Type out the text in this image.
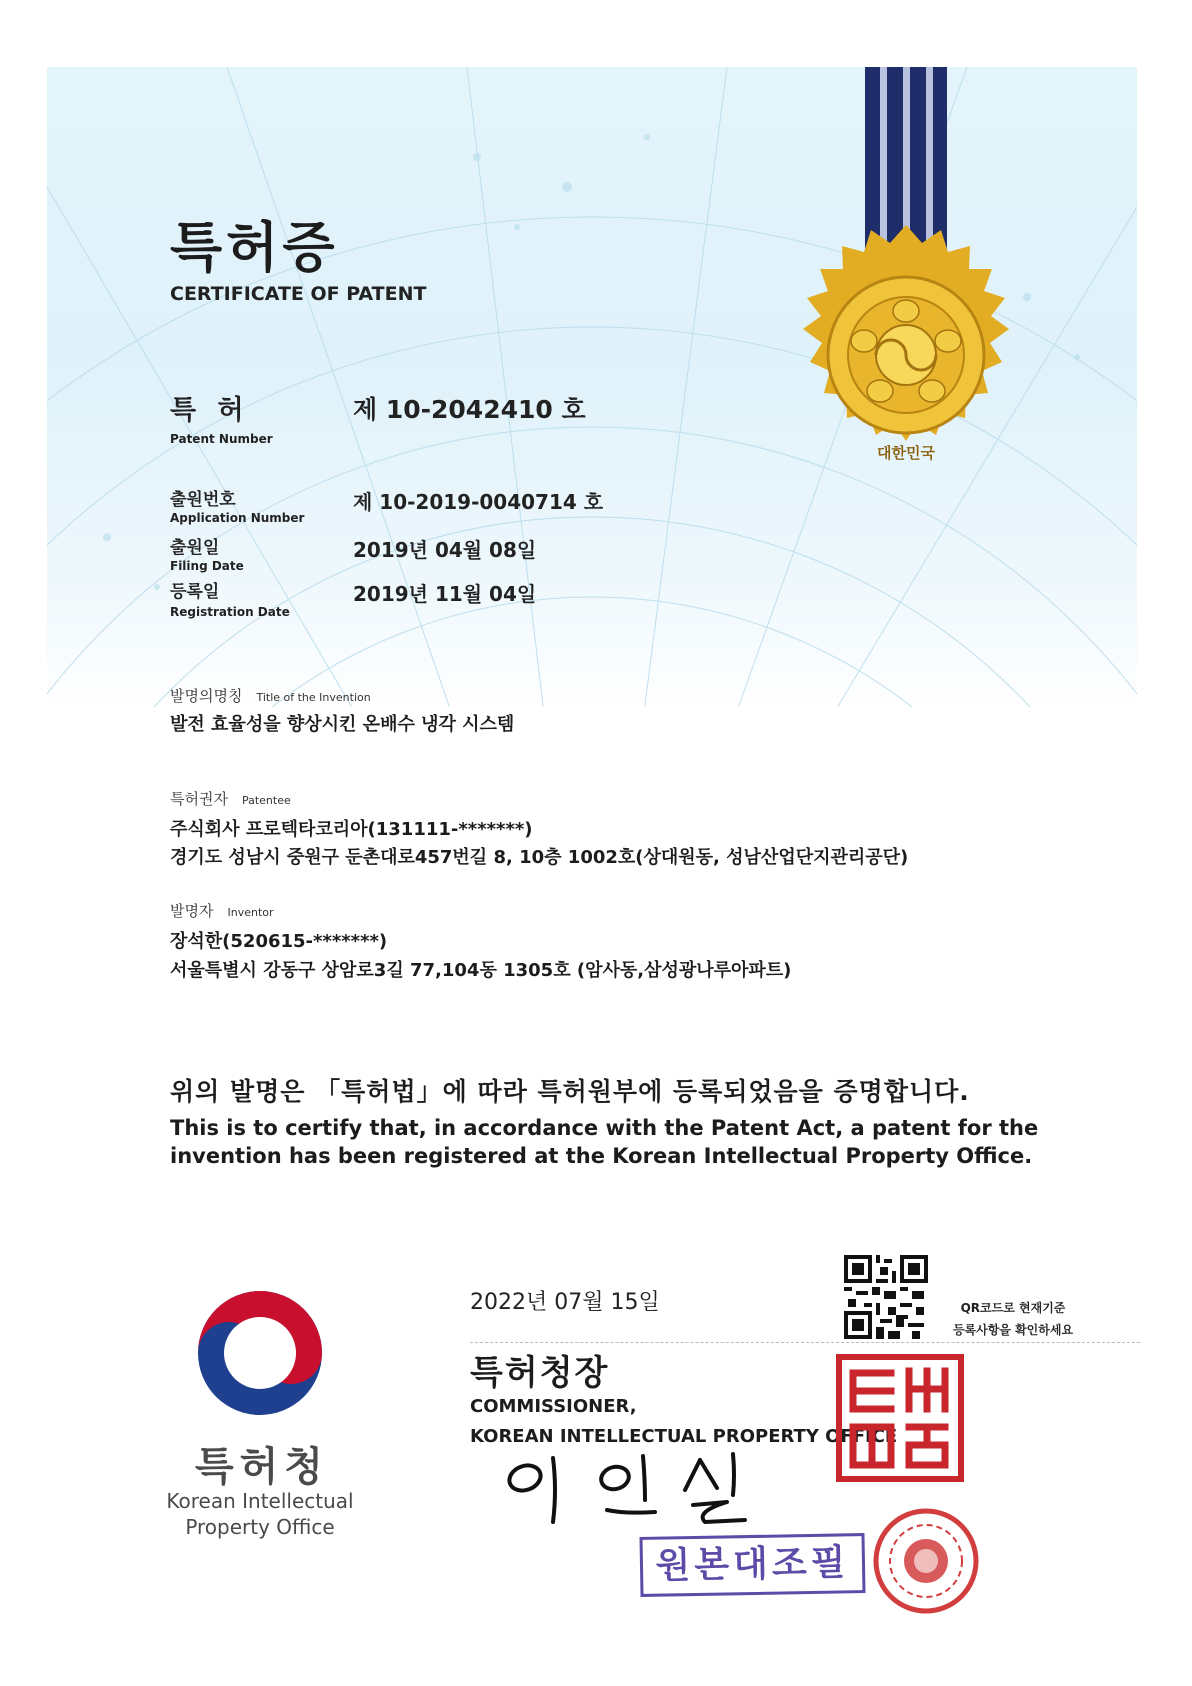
대한민국
특허증
CERTIFICATE OF PATENT
특 허
Patent Number
제 10-2042410 호
출원번호
Application Number
제 10-2019-0040714 호
출원일
Filing Date
2019년 04월 08일
등록일
Registration Date
2019년 11월 04일
발명의명칭 Title of the Invention
발전 효율성을 향상시킨 온배수 냉각 시스템
특허권자 Patentee
주식회사 프로텍타코리아(131111-*******)
경기도 성남시 중원구 둔촌대로457번길 8, 10층 1002호(상대원동, 성남산업단지관리공단)
발명자 Inventor
장석한(520615-*******)
서울특별시 강동구 상암로3길 77,104동 1305호 (암사동,삼성광나루아파트)
위의 발명은 「특허법」에 따라 특허원부에 등록되었음을 증명합니다.
This is to certify that, in accordance with the Patent Act, a patent for the invention has been registered at the Korean Intellectual Property Office.
특허청
Korean Intellectual Property Office
2022년 07월 15일	QR코드로 현재기준
등록사항을 확인하세요
특허청장
COMMISSIONER,
KOREAN INTELLECTUAL PROPERTY OFFICE
원본대조필
